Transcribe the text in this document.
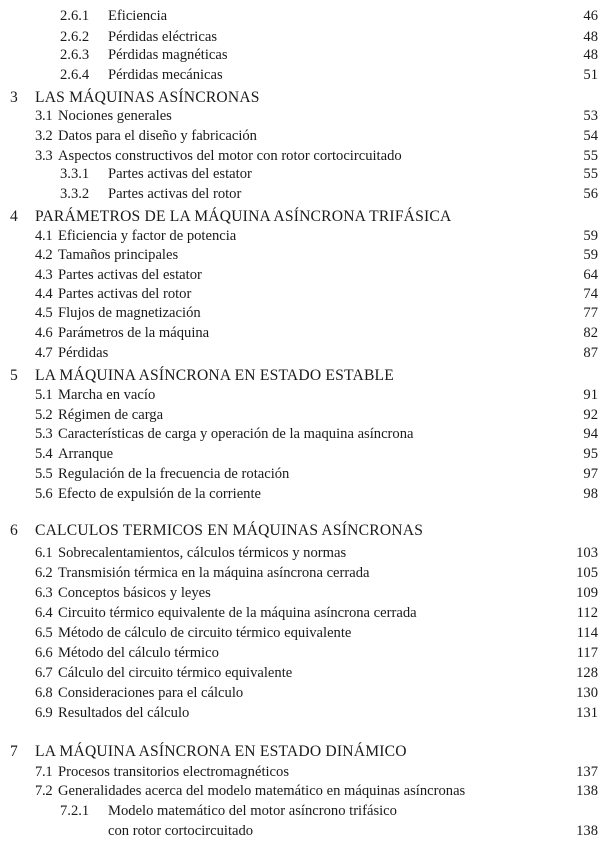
2.6.1 Eficiencia	46
2.6.2 Pérdidas eléctricas	48
2.6.3 Pérdidas magnéticas	48
2.6.4 Pérdidas mecánicas	51
3 LAS MÁQUINAS ASÍNCRONAS
3.1 Nociones generales	53
3.2 Datos para el diseño y fabricación	54
3.3 Aspectos constructivos del motor con rotor cortocircuitado	55
3.3.1 Partes activas del estator	55
3.3.2 Partes activas del rotor	56
4 PARÁMETROS DE LA MÁQUINA ASÍNCRONA TRIFÁSICA
4.1 Eficiencia y factor de potencia	59
4.2 Tamaños principales	59
4.3 Partes activas del estator	64
4.4 Partes activas del rotor	74
4.5 Flujos de magnetización	77
4.6 Parámetros de la máquina	82
4.7 Pérdidas	87
5 LA MÁQUINA ASÍNCRONA EN ESTADO ESTABLE
5.1 Marcha en vacío	91
5.2 Régimen de carga	92
5.3 Características de carga y operación de la maquina asíncrona	94
5.4 Arranque	95
5.5 Regulación de la frecuencia de rotación	97
5.6 Efecto de expulsión de la corriente	98
6 CALCULOS TERMICOS EN MÁQUINAS ASÍNCRONAS
6.1 Sobrecalentamientos, cálculos térmicos y normas	103
6.2 Transmisión térmica en la máquina asíncrona cerrada	105
6.3 Conceptos básicos y leyes	109
6.4 Circuito térmico equivalente de la máquina asíncrona cerrada	112
6.5 Método de cálculo de circuito térmico equivalente	114
6.6 Método del cálculo térmico	117
6.7 Cálculo del circuito térmico equivalente	128
6.8 Consideraciones para el cálculo	130
6.9 Resultados del cálculo	131
7 LA MÁQUINA ASÍNCRONA EN ESTADO DINÁMICO
7.1 Procesos transitorios electromagnéticos	137
7.2 Generalidades acerca del modelo matemático en máquinas asíncronas	138
7.2.1 Modelo matemático del motor asíncrono trifásico
con rotor cortocircuitado	138
